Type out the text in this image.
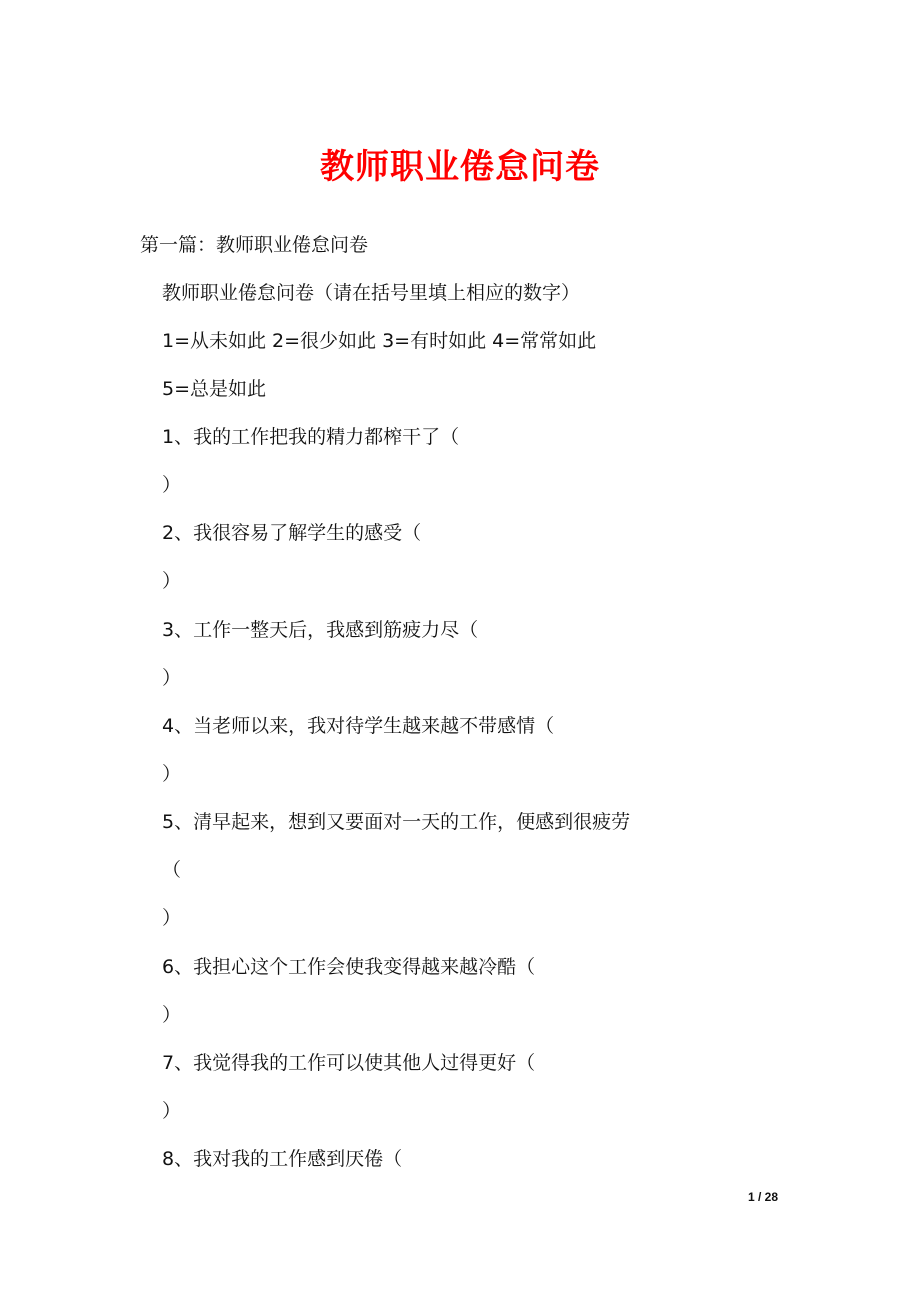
教师职业倦怠问卷
第一篇：教师职业倦怠问卷
教师职业倦怠问卷（请在括号里填上相应的数字）
1=从未如此 2=很少如此 3=有时如此 4=常常如此
5=总是如此
1、我的工作把我的精力都榨干了（
）
2、我很容易了解学生的感受（
）
3、工作一整天后，我感到筋疲力尽（
）
4、当老师以来，我对待学生越来越不带感情（
）
5、清早起来，想到又要面对一天的工作，便感到很疲劳
（
）
6、我担心这个工作会使我变得越来越冷酷（
）
7、我觉得我的工作可以使其他人过得更好（
）
8、我对我的工作感到厌倦（
1 / 28
